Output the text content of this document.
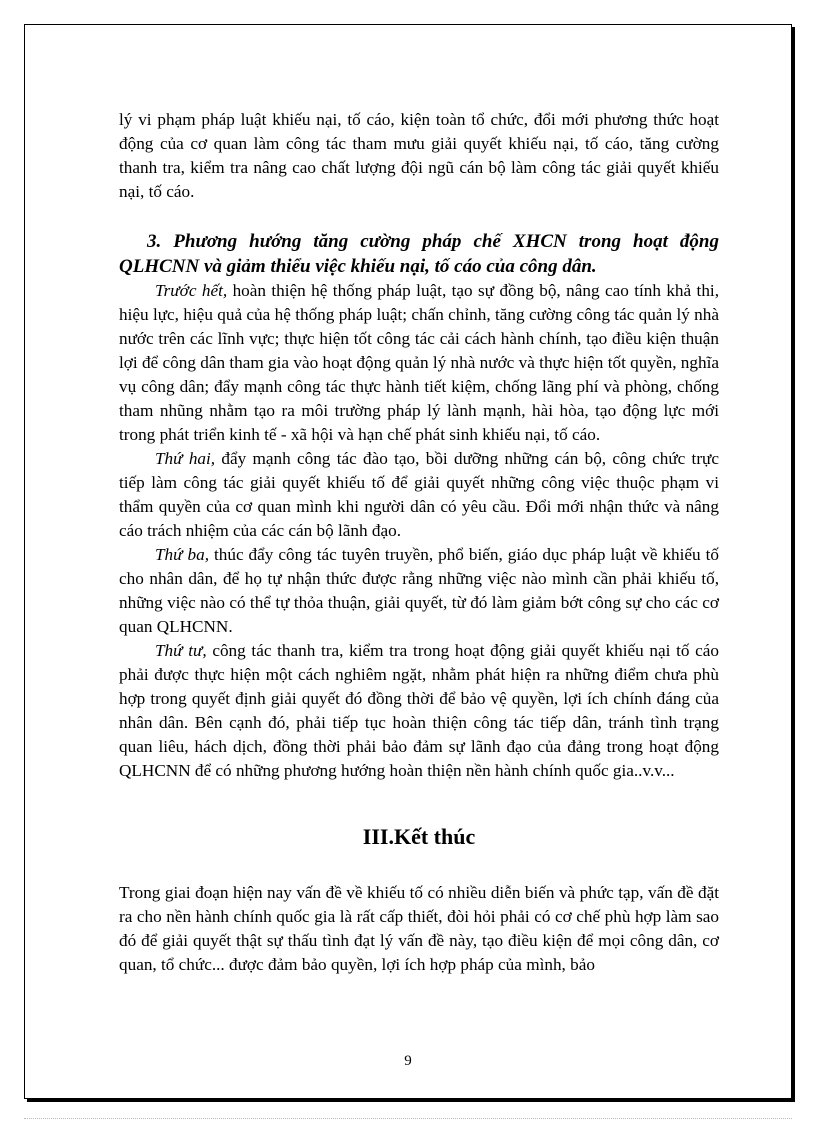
lý vi phạm pháp luật khiếu nại, tố cáo, kiện toàn tổ chức, đổi mới phương thức hoạt động của cơ quan làm công tác tham mưu giải quyết khiếu nại, tố cáo, tăng cường thanh tra, kiểm tra nâng cao chất lượng đội ngũ cán bộ làm công tác giải quyết khiếu nại, tố cáo.

3. Phương hướng tăng cường pháp chế XHCN trong hoạt động QLHCNN và giảm thiểu việc khiếu nại, tố cáo của công dân.

Trước hết, hoàn thiện hệ thống pháp luật, tạo sự đồng bộ, nâng cao tính khả thi, hiệu lực, hiệu quả của hệ thống pháp luật; chấn chỉnh, tăng cường công tác quản lý nhà nước trên các lĩnh vực; thực hiện tốt công tác cải cách hành chính, tạo điều kiện thuận lợi để công dân tham gia vào hoạt động quản lý nhà nước và thực hiện tốt quyền, nghĩa vụ công dân; đẩy mạnh công tác thực hành tiết kiệm, chống lãng phí và phòng, chống tham nhũng nhằm tạo ra môi trường pháp lý lành mạnh, hài hòa, tạo động lực mới trong phát triển kinh tế - xã hội và hạn chế phát sinh khiếu nại, tố cáo.

Thứ hai, đẩy mạnh công tác đào tạo, bồi dưỡng những cán bộ, công chức trực tiếp làm công tác giải quyết khiếu tố để giải quyết những công việc thuộc phạm vi thẩm quyền của cơ quan mình khi người dân có yêu cầu. Đổi mới nhận thức và nâng cáo trách nhiệm của các cán bộ lãnh đạo.

Thứ ba, thúc đẩy công tác tuyên truyền, phổ biến, giáo dục pháp luật về khiếu tố cho nhân dân, để họ tự nhận thức được rằng những việc nào mình cần phải khiếu tố, những việc nào có thể tự thỏa thuận, giải quyết, từ đó làm giảm bớt công sự cho các cơ quan QLHCNN.

Thứ tư, công tác thanh tra, kiểm tra trong hoạt động giải quyết khiếu nại tố cáo phải được thực hiện một cách nghiêm ngặt, nhằm phát hiện ra những điểm chưa phù hợp trong quyết định giải quyết đó đồng thời để bảo vệ quyền, lợi ích chính đáng của nhân dân. Bên cạnh đó, phải tiếp tục hoàn thiện công tác tiếp dân, tránh tình trạng quan liêu, hách dịch, đồng thời phải bảo đảm sự lãnh đạo của đảng trong hoạt động QLHCNN để có những phương hướng hoàn thiện nền hành chính quốc gia..v.v...

III.Kết thúc

Trong giai đoạn hiện nay vấn đề về khiếu tố có nhiều diễn biến và phức tạp, vấn đề đặt ra cho nền hành chính quốc gia là rất cấp thiết, đòi hỏi phải có cơ chế phù hợp làm sao đó để giải quyết thật sự thấu tình đạt lý vấn đề này, tạo điều kiện để mọi công dân, cơ quan, tổ chức... được đảm bảo quyền, lợi ích hợp pháp của mình, bảo

9
